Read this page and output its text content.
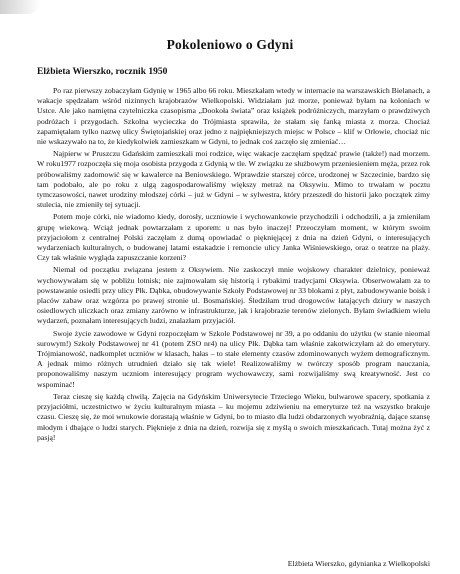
Pokoleniowo o Gdyni
Elżbieta Wierszko, rocznik 1950

Po raz pierwszy zobaczyłam Gdynię w 1965 albo 66 roku. Mieszkałam wtedy w internacie na warszawskich Bielanach, a wakacje spędzałam wśród nizinnych krajobrazów Wielkopolski. Widziałam już morze, ponieważ byłam na koloniach w Ustce. Ale jako namiętna czytelniczka czasopisma „Dookoła świata” oraz książek podróżniczych, marzyłam o prawdziwych podróżach i przygodach. Szkolna wycieczka do Trójmiasta sprawiła, że stałam się fanką miasta z morza. Chociaż zapamiętałam tylko nazwę ulicy Świętojańskiej oraz jedno z najpiękniejszych miejsc w Polsce – klif w Orłowie, chociaż nic nie wskazywało na to, że kiedykolwiek zamieszkam w Gdyni, to jednak coś zaczęło się zmieniać…

Najpierw w Pruszczu Gdańskim zamieszkali moi rodzice, więc wakacje zaczęłam spędzać prawie (także!) nad morzem. W roku1977 rozpoczęła się moja osobista przygoda z Gdynią w tle. W związku ze służbowym przeniesieniem męża, przez rok próbowaliśmy zadomowić się w kawalerce na Beniowskiego. Wprawdzie starszej córce, urodzonej w Szczecinie, bardzo się tam podobało, ale po roku z ulgą zagospodarowaliśmy większy metraż na Oksywiu. Mimo to trwałam w pocztu tymczasowości, nawet urodziny młodszej córki – już w Gdyni – w sylwestra, który przeszedł do historii jako początek zimy stulecia, nie zmieniły tej sytuacji.

Potem moje córki, nie wiadomo kiedy, dorosły, uczniowie i wychowankowie przychodzili i odchodzili, a ja zmieniłam grupę wiekową. Wciąż jednak powtarzałam z uporem: u nas było inaczej! Przeoczyłam moment, w którym swoim przyjaciołom z centralnej Polski zaczęłam z dumą opowiadać o pięknięjącej z dnia na dzień Gdyni, o interesujących wydarzeniach kulturalnych, o budowanej latami estakadzie i remoncie ulicy Janka Wiśniewskiego, oraz o teatrze na plaży. Czy tak właśnie wygląda zapuszczanie korzeni?

Niemal od początku związana jestem z Oksywiem. Nie zaskoczył mnie wojskowy charakter dzielnicy, ponieważ wychowywałam się w pobliżu lotnisk; nie zajmowałam się historią i rybakimi tradycjami Oksywia. Obserwowałam za to powstawanie osiedli przy ulicy Płk. Dąbka, obudowywanie Szkoły Podstawowej nr 33 blokami z płyt, zabudowywanie boisk i placów zabaw oraz wzgórza po prawej stronie ul. Bosmańskiej. Śledziłam trud drogowców łatających dziury w naszych osiedlowych uliczkach oraz zmiany zarówno w infrastrukturze, jak i krajobrazie terenów zielonych. Byłam świadkiem wielu wydarzeń, poznałam interesujących ludzi, znalazłam przyjaciół.

Swoje życie zawodowe w Gdyni rozpoczęłam w Szkole Podstawowej nr 39, a po oddaniu do użytku (w stanie nieomal surowym!) Szkoły Podstawowej nr 41 (potem ZSO nr4) na ulicy Płk. Dąbka tam właśnie zakotwiczyłam aż do emerytury. Trójmianowość, nadkomplet uczniów w klasach, hałas – to stałe elementy czasów zdominowanych wyżem demograficznym. A jednak mimo różnych utrudnień działo się tak wiele! Realizowaliśmy w twórczy sposób program nauczania, proponowaliśmy naszym uczniom interesujący program wychowawczy, sami rozwijaliśmy swą kreatywność. Jest co wspominać!

Teraz cieszę się każdą chwilą. Zajęcia na Gdyńskim Uniwersytecie Trzeciego Wieku, bulwarowe spacery, spotkania z przyjaciółmi, uczestnictwo w życiu kulturalnym miasta – ku mojemu zdziwieniu na emeryturze też na wszystko brakuje czasu. Cieszę się, że moi wnukowie dorastają właśnie w Gdyni, bo to miasto dla ludzi obdarzonych wyobraźnią, dające szansę młodym i dbające o ludzi starych. Pięknieje z dnia na dzień, rozwija się z myślą o swoich mieszkańcach. Tutaj można żyć z pasją!

Elżbieta Wierszko, gdynianka z Wielkopolski
